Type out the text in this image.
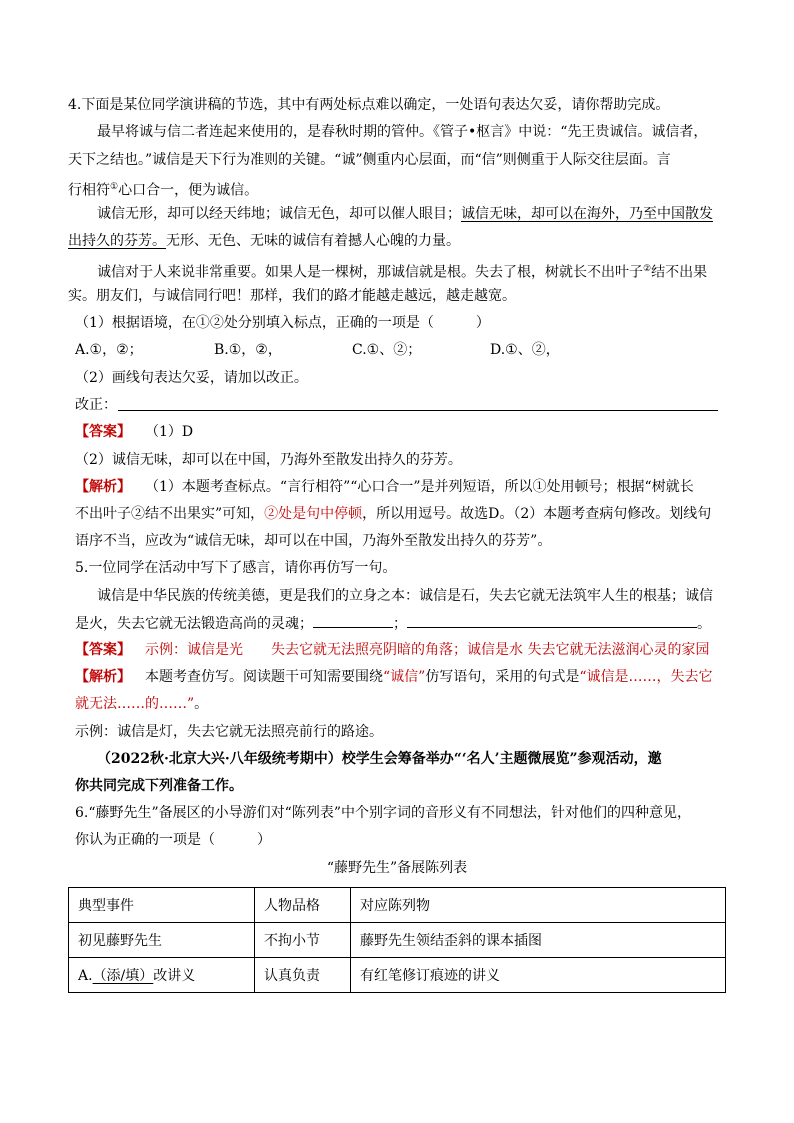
4.下面是某位同学演讲稿的节选，其中有两处标点难以确定，一处语句表达欠妥，请你帮助完成。
最早将诚与信二者连起来使用的，是春秋时期的管仲。《管子•枢言》中说：“先王贵诚信。诚信者，
天下之结也。”诚信是天下行为准则的关键。“诚”侧重内心层面，而“信”则侧重于人际交往层面。言
行相符①心口合一，便为诚信。
诚信无形，却可以经天纬地；诚信无色，却可以催人眼目；诚信无味，却可以在海外，乃至中国散发
出持久的芬芳。无形、无色、无味的诚信有着撼人心魄的力量。
诚信对于人来说非常重要。如果人是一棵树，那诚信就是根。失去了根，树就长不出叶子②结不出果
实。朋友们，与诚信同行吧！那样，我们的路才能越走越远，越走越宽。
（1）根据语境，在①②处分别填入标点，正确的一项是（　　　）
A.①，②；	B.①，②，	C.①、②；	D.①、②，
（2）画线句表达欠妥，请加以改正。
改正：
【答案】 （1）D
（2）诚信无味，却可以在中国，乃海外至散发出持久的芬芳。
【解析】 （1）本题考查标点。“言行相符”“心口合一”是并列短语，所以①处用顿号；根据“树就长
不出叶子②结不出果实”可知，②处是句中停顿，所以用逗号。故选D。（2）本题考查病句修改。划线句
语序不当，应改为“诚信无味，却可以在中国，乃海外至散发出持久的芬芳”。
5.一位同学在活动中写下了感言，请你再仿写一句。
诚信是中华民族的传统美德，更是我们的立身之本：诚信是石，失去它就无法筑牢人生的根基；诚信
是火，失去它就无法锻造高尚的灵魂；	；	。
【答案】 示例：诚信是光　　失去它就无法照亮阴暗的角落；诚信是水 失去它就无法滋润心灵的家园
【解析】 本题考查仿写。阅读题干可知需要围绕“诚信”仿写语句，采用的句式是“诚信是……，失去它
就无法……的……”。
示例：诚信是灯，失去它就无法照亮前行的路途。
（2022秋·北京大兴·八年级统考期中）校学生会筹备举办“‘名人’主题微展览”参观活动，邀
你共同完成下列准备工作。
6.“藤野先生”备展区的小导游们对“陈列表”中个别字词的音形义有不同想法，针对他们的四种意见，
你认为正确的一项是（　　　）
“藤野先生”备展陈列表
典型事件	人物品格	对应陈列物
初见藤野先生	不拘小节	藤野先生领结歪斜的课本插图
A.（添/填）改讲义	认真负责	有红笔修订痕迹的讲义
